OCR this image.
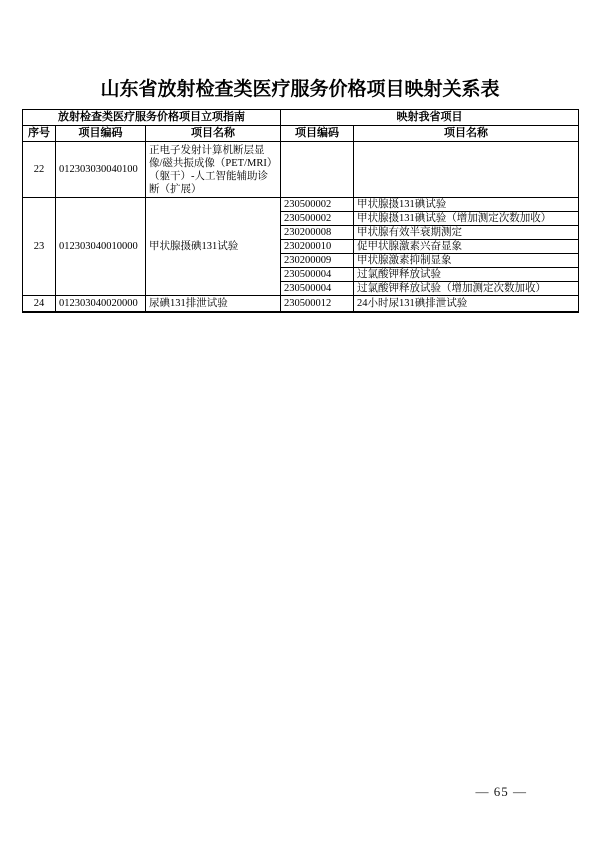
山东省放射检查类医疗服务价格项目映射关系表
放射检查类医疗服务价格项目立项指南			映射我省项目	
序号	项目编码	项目名称	项目编码	项目名称
22	012303030040100	正电子发射计算机断层显像/磁共振成像（PET/MRI）（躯干）-人工智能辅助诊断（扩展）		
23	012303040010000	甲状腺摄碘131试验	230500002	甲状腺摄131碘试验
			230500002	甲状腺摄131碘试验（增加测定次数加收）
			230200008	甲状腺有效半衰期测定
			230200010	促甲状腺激素兴奋显象
			230200009	甲状腺激素抑制显象
			230500004	过氯酸钾释放试验
			230500004	过氯酸钾释放试验（增加测定次数加收）
24	012303040020000	尿碘131排泄试验	230500012	24小时尿131碘排泄试验
— 65 —
